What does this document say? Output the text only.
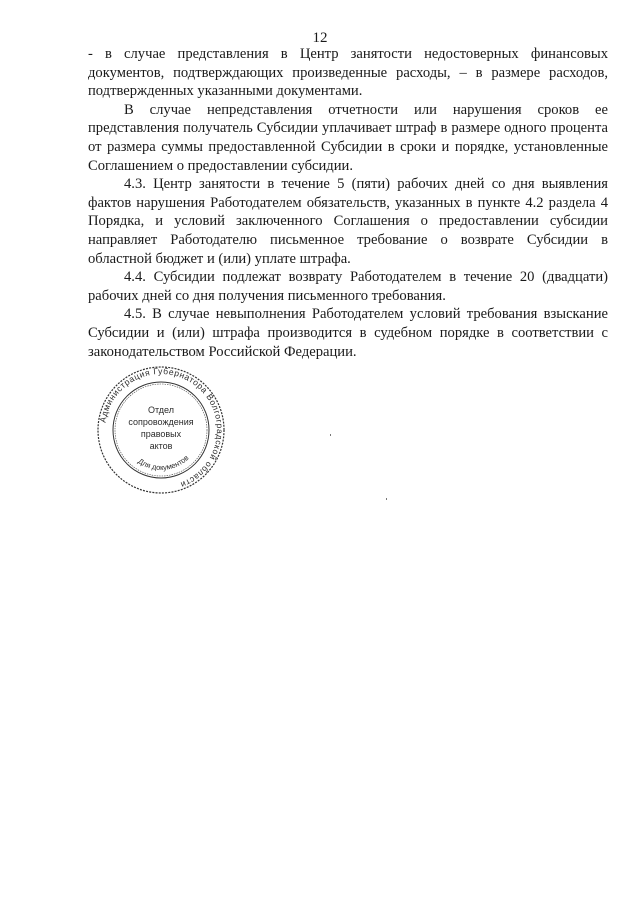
12

- в случае представления в Центр занятости недостоверных финансовых документов, подтверждающих произведенные расходы, – в размере расходов, подтвержденных указанными документами.

В случае непредставления отчетности или нарушения сроков ее представления получатель Субсидии уплачивает штраф в размере одного процента от размера суммы предоставленной Субсидии в сроки и порядке, установленные Соглашением о предоставлении субсидии.

4.3. Центр занятости в течение 5 (пяти) рабочих дней со дня выявления фактов нарушения Работодателем обязательств, указанных в пункте 4.2 раздела 4 Порядка, и условий заключенного Соглашения о предоставлении субсидии направляет Работодателю письменное требование о возврате Субсидии в областной бюджет и (или) уплате штрафа.

4.4. Субсидии подлежат возврату Работодателем в течение 20 (двадцати) рабочих дней со дня получения письменного требования.

4.5. В случае невыполнения Работодателем условий требования взыскание Субсидии и (или) штрафа производится в судебном порядке в соответствии с законодательством Российской Федерации.

Администрация Губернатора Волгоградской области
Для документов
Отдел
сопровождения
правовых
актов
